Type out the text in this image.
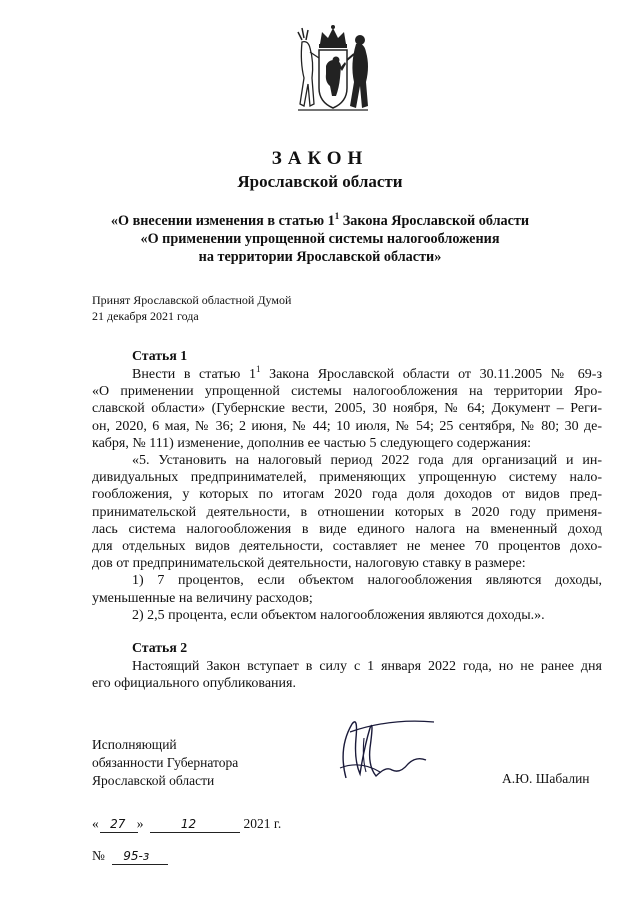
ЗАКОН
Ярославской области
«О внесении изменения в статью $1^1$ Закона Ярославской области
«О применении упрощенной системы налогообложения
на территории Ярославской области»
Принят Ярославской областной Думой
21 декабря 2021 года
Статья 1
Внести в статью $1^1$ Закона Ярославской области от 30.11.2005 № 69-з
«О применении упрощенной системы налогообложения на территории Яро-
славской области» (Губернские вести, 2005, 30 ноября, № 64; Документ – Реги-
он, 2020, 6 мая, № 36; 2 июня, № 44; 10 июля, № 54; 25 сентября, № 80; 30 де-
кабря, № 111) изменение, дополнив ее частью 5 следующего содержания:
«5. Установить на налоговый период 2022 года для организаций и ин-
дивидуальных предпринимателей, применяющих упрощенную систему нало-
гообложения, у которых по итогам 2020 года доля доходов от видов пред-
принимательской деятельности, в отношении которых в 2020 году применя-
лась система налогообложения в виде единого налога на вмененный доход
для отдельных видов деятельности, составляет не менее 70 процентов дохо-
дов от предпринимательской деятельности, налоговую ставку в размере:
1) 7 процентов, если объектом налогообложения являются доходы,
уменьшенные на величину расходов;
2) 2,5 процента, если объектом налогообложения являются доходы.».
Статья 2
Настоящий Закон вступает в силу с 1 января 2022 года, но не ранее дня
его официального опубликования.
Исполняющий
обязанности Губернатора
Ярославской области	А.Ю. Шабалин
« 27 »	12	2021 г.
№ 95-з
